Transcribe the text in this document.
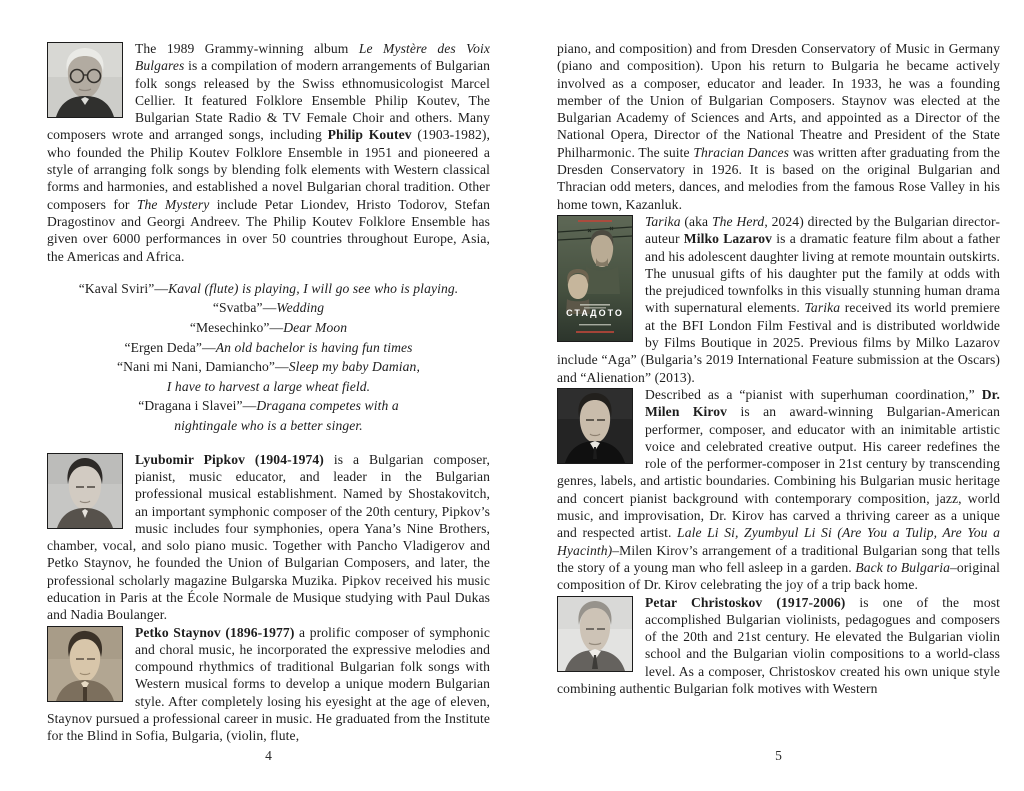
The 1989 Grammy-winning album Le Mystère des Voix Bulgares is a compilation of modern arrangements of Bulgarian folk songs released by the Swiss ethnomusicologist Marcel Cellier. It featured Folklore Ensemble Philip Koutev, The Bulgarian State Radio & TV Female Choir and others. Many composers wrote and arranged songs, including Philip Koutev (1903-1982), who founded the Philip Koutev Folklore Ensemble in 1951 and pioneered a style of arranging folk songs by blending folk elements with Western classical forms and harmonies, and established a novel Bulgarian choral tradition. Other composers for The Mystery include Petar Liondev, Hristo Todorov, Stefan Dragostinov and Georgi Andreev. The Philip Koutev Folklore Ensemble has given over 6000 performances in over 50 countries throughout Europe, Asia, the Americas and Africa.

“Kaval Sviri”—Kaval (flute) is playing, I will go see who is playing.

“Svatba”—Wedding

“Mesechinko”—Dear Moon

“Ergen Deda”—An old bachelor is having fun times

“Nani mi Nani, Damiancho”—Sleep my baby Damian,
I have to harvest a large wheat field.

“Dragana i Slavei”—Dragana competes with a
nightingale who is a better singer.

Lyubomir Pipkov (1904-1974) is a Bulgarian composer, pianist, music educator, and leader in the Bulgarian professional musical establishment. Named by Shostakovitch, an important symphonic composer of the 20th century, Pipkov’s music includes four symphonies, opera Yana’s Nine Brothers, chamber, vocal, and solo piano music. Together with Pancho Vladigerov and Petko Staynov, he founded the Union of Bulgarian Composers, and later, the professional scholarly magazine Bulgarska Muzika. Pipkov received his music education in Paris at the École Normale de Musique studying with Paul Dukas and Nadia Boulanger.

Petko Staynov (1896-1977) a prolific composer of symphonic and choral music, he incorporated the expressive melodies and compound rhythmics of traditional Bulgarian folk songs with Western musical forms to develop a unique modern Bulgarian style. After completely losing his eyesight at the age of eleven, Staynov pursued a professional career in music. He graduated from the Institute for the Blind in Sofia, Bulgaria, (violin, flute,

4

piano, and composition) and from Dresden Conservatory of Music in Germany (piano and composition). Upon his return to Bulgaria he became actively involved as a composer, educator and leader. In 1933, he was a founding member of the Union of Bulgarian Composers. Staynov was elected at the Bulgarian Academy of Sciences and Arts, and appointed as a Director of the National Opera, Director of the National Theatre and President of the State Philharmonic. The suite Thracian Dances was written after graduating from the Dresden Conservatory in 1926. It is based on the original Bulgarian and Thracian odd meters, dances, and melodies from the famous Rose Valley in his home town, Kazanluk.

СТАДОТО
Tarika (aka The Herd, 2024) directed by the Bulgarian director-auteur Milko Lazarov is a dramatic feature film about a father and his adolescent daughter living at remote mountain outskirts. The unusual gifts of his daughter put the family at odds with the prejudiced townfolks in this visually stunning human drama with supernatural elements. Tarika received its world premiere at the BFI London Film Festival and is distributed worldwide by Films Boutique in 2025. Previous films by Milko Lazarov include “Aga” (Bulgaria’s 2019 International Feature submission at the Oscars) and “Alienation” (2013).

Described as a “pianist with superhuman coordination,” Dr. Milen Kirov is an award-winning Bulgarian-American performer, composer, and educator with an inimitable artistic voice and celebrated creative output. His career redefines the role of the performer-composer in 21st century by transcending genres, labels, and artistic boundaries. Combining his Bulgarian music heritage and concert pianist background with contemporary composition, jazz, world music, and improvisation, Dr. Kirov has carved a thriving career as a unique and respected artist. Lale Li Si, Zyumbyul Li Si (Are You a Tulip, Are You a Hyacinth)–Milen Kirov’s arrangement of a traditional Bulgarian song that tells the story of a young man who fell asleep in a garden. Back to Bulgaria–original composition of Dr. Kirov celebrating the joy of a trip back home.

Petar Christoskov (1917-2006) is one of the most accomplished Bulgarian violinists, pedagogues and composers of the 20th and 21st century. He elevated the Bulgarian violin school and the Bulgarian violin compositions to a world-class level. As a composer, Christoskov created his own unique style combining authentic Bulgarian folk motives with Western

5
